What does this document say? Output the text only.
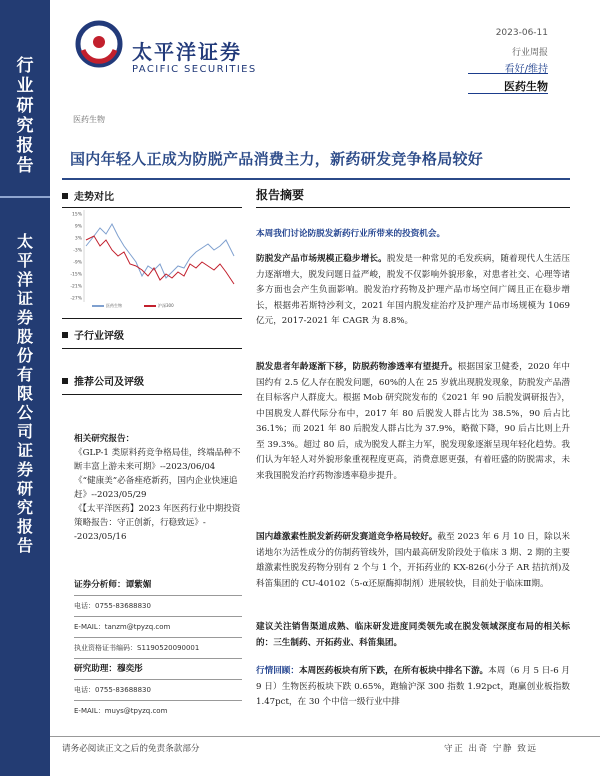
行
业
研
究
报
告
太
平
洋
证
券
股
份
有
限
公
司
证
券
研
究
报
告
太平洋证券
PACIFIC SECURITIES
2023-06-11
行业周报
看好/维持
医药生物
医药生物
国内年轻人正成为防脱产品消费主力，新药研发竞争格局较好
走势对比
15%
9%
3%
-3%
-9%
-15%
-21%
-27%
医药生物	沪深300
子行业评级
推荐公司及评级
相关研究报告：
《GLP-1 类原料药竞争格局佳，终端品种不断丰富上游未来可期》--2023/06/04
《“健康美”必备痤疮新药，国内企业快速追赶》--2023/05/29
《【太平洋医药】2023 年医药行业中期投资策略报告：守正创新，行稳致远》--2023/05/16
证券分析师：谭紫媚
电话：0755-83688830
E-MAIL：tanzm@tpyzq.com
执业资格证书编码：S1190520090001
研究助理：穆奕彤
电话：0755-83688830
E-MAIL：muys@tpyzq.com
报告摘要
本周我们讨论防脱发新药行业所带来的投资机会。
防脱发产品市场规模正稳步增长。脱发是一种常见的毛发疾病，随着现代人生活压力逐渐增大，脱发问题日益严峻，脱发不仅影响外貌形象，对患者社交、心理等诸多方面也会产生负面影响。脱发治疗药物及护理产品市场空间广阔且正在稳步增长，根据弗若斯特沙利文，2021 年国内脱发症治疗及护理产品市场规模为 1069 亿元，2017-2021 年 CAGR 为 8.8%。
脱发患者年龄逐渐下移，防脱药物渗透率有望提升。根据国家卫健委，2020 年中国约有 2.5 亿人存在脱发问题，60%的人在 25 岁就出现脱发现象，防脱发产品潜在目标客户人群庞大。根据 Mob 研究院发布的《2021 年 90 后脱发调研报告》，中国脱发人群代际分布中，2017 年 80 后脱发人群占比为 38.5%，90 后占比 36.1%；而 2021 年 80 后脱发人群占比为 37.9%，略微下降，90 后占比则上升至 39.3%。超过 80 后，成为脱发人群主力军，脱发现象逐渐呈现年轻化趋势。我们认为年轻人对外貌形象重视程度更高，消费意愿更强，有着旺盛的防脱需求，未来我国脱发治疗药物渗透率稳步提升。
国内雄激素性脱发新药研发赛道竞争格局较好。截至 2023 年 6 月 10 日，除以米诺地尔为活性成分的仿制药管线外，国内最高研发阶段处于临床 3 期、2 期的主要雄激素性脱发药物分别有 2 个与 1 个，开拓药业的 KX-826(小分子 AR 拮抗剂)及科笛集团的 CU-40102（5-α还原酶抑制剂）进展较快，目前处于临床Ⅲ期。
建议关注销售渠道成熟、临床研发进度同类领先或在脱发领域深度布局的相关标的：三生制药、开拓药业、科笛集团。
行情回顾：本周医药板块有所下跌，在所有板块中排名下游。本周（6 月 5 日-6 月 9 日）生物医药板块下跌 0.65%，跑输沪深 300 指数 1.92pct，跑赢创业板指数 1.47pct，在 30 个中信一级行业中排
请务必阅读正文之后的免责条款部分	守正 出奇 宁静 致远
